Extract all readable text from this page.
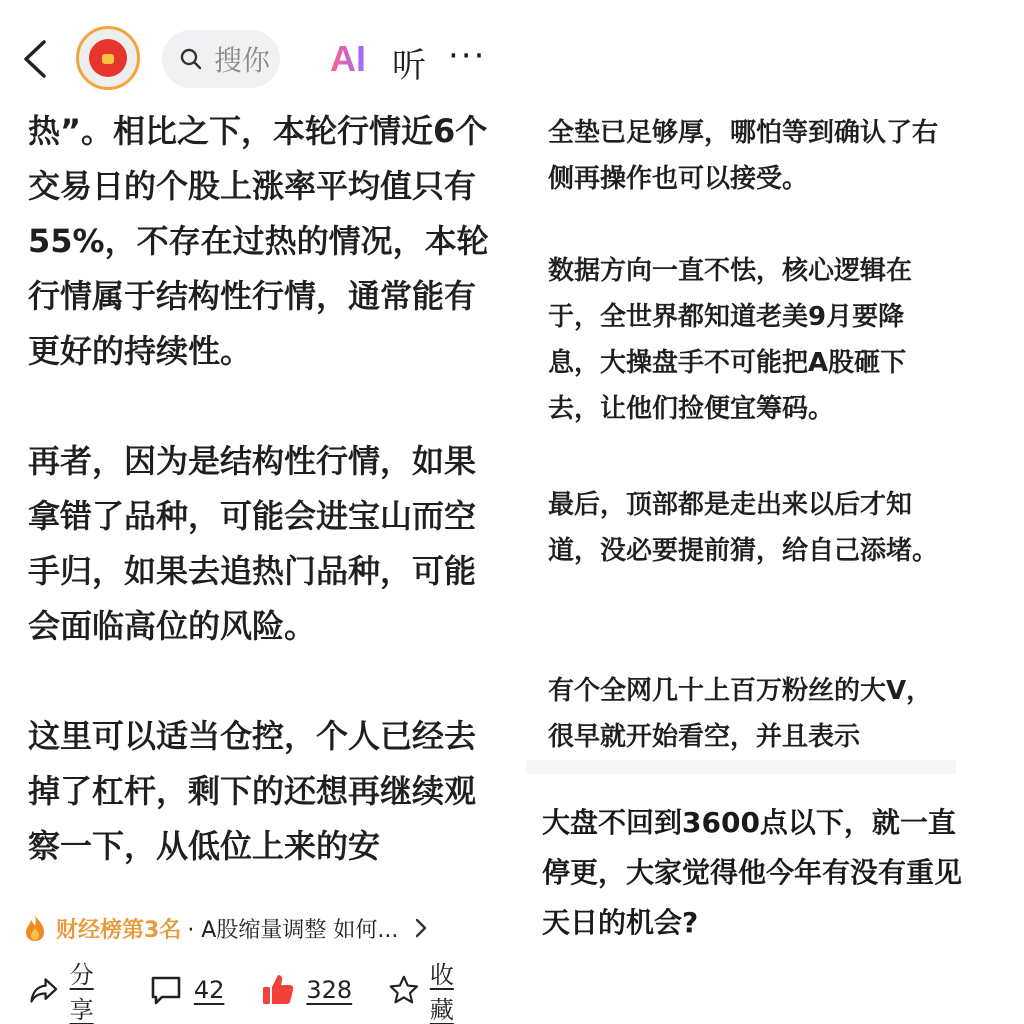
搜你 AI 听 ···

热”。相比之下，本轮行情近6个交易日的个股上涨率平均值只有55%，不存在过热的情况，本轮行情属于结构性行情，通常能有更好的持续性。

再者，因为是结构性行情，如果拿错了品种，可能会进宝山而空手归，如果去追热门品种，可能会面临高位的风险。

这里可以适当仓控，个人已经去掉了杠杆，剩下的还想再继续观察一下，从低位上来的安

财经榜第3名 · A股缩量调整 如何...
分享
42	328
收藏

全垫已足够厚，哪怕等到确认了右侧再操作也可以接受。

数据方向一直不怯，核心逻辑在于，全世界都知道老美9月要降息，大操盘手不可能把A股砸下去，让他们捡便宜筹码。

最后，顶部都是走出来以后才知道，没必要提前猜，给自己添堵。

有个全网几十上百万粉丝的大V，很早就开始看空，并且表示

大盘不回到3600点以下，就一直停更，大家觉得他今年有没有重见天日的机会?
